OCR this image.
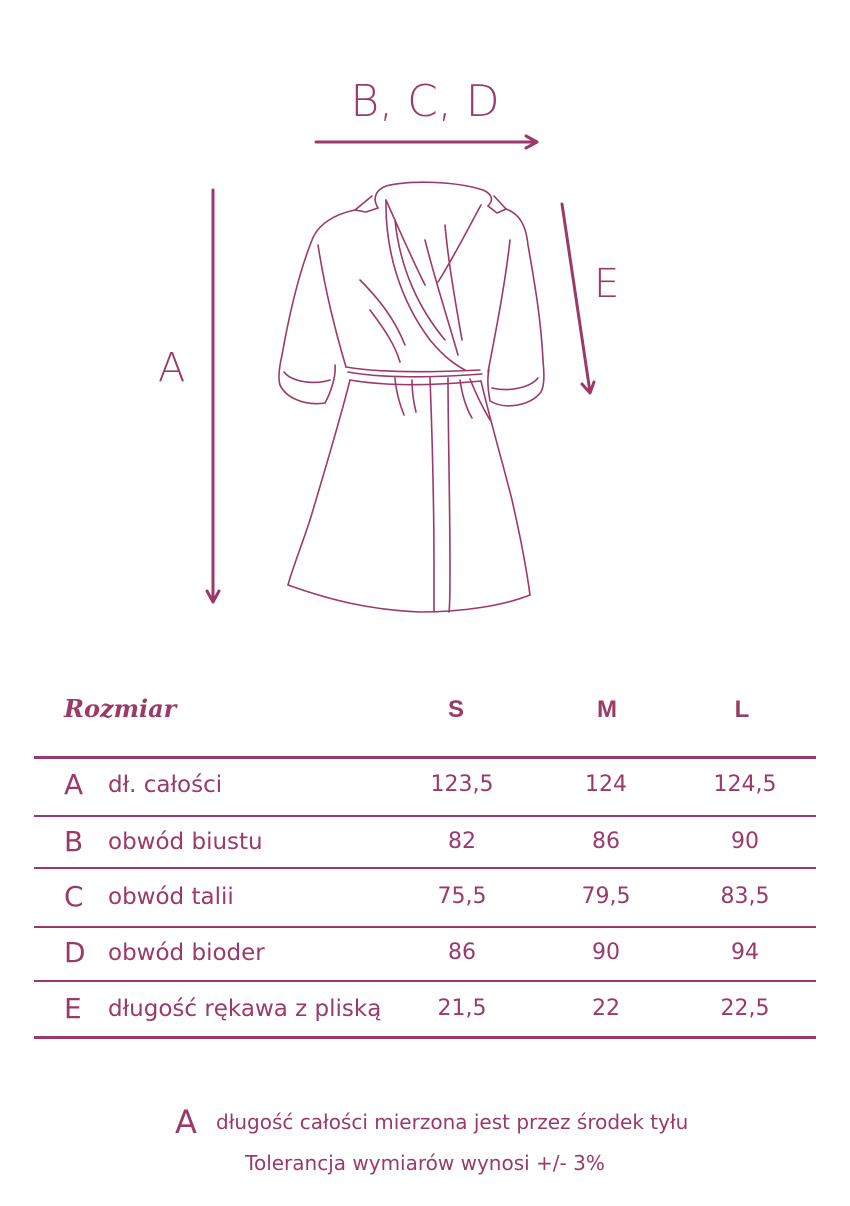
B, C, D
A
E
Rozmiar	S	M	L
A dł. całości	123,5	124	124,5
B obwód biustu	82	86	90
C obwód talii	75,5	79,5	83,5
D obwód bioder	86	90	94
E długość rękawa z pliską	21,5	22	22,5
A długość całości mierzona jest przez środek tyłu
Tolerancja wymiarów wynosi +/- 3%
